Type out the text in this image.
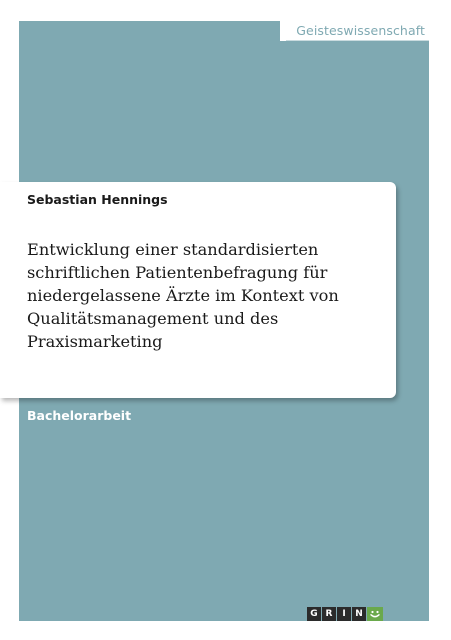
Geisteswissenschaft
Sebastian Hennings
Entwicklung einer standardisierten
schriftlichen Patientenbefragung für
niedergelassene Ärzte im Kontext von
Qualitätsmanagement und des
Praxismarketing
Bachelorarbeit
G R	I	N
